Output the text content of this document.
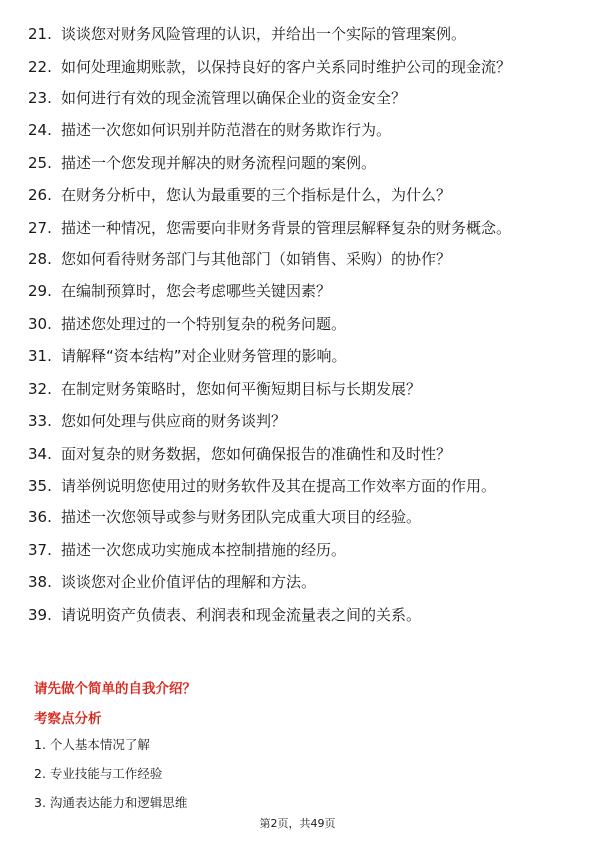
21. 谈谈您对财务风险管理的认识，并给出一个实际的管理案例。
22. 如何处理逾期账款，以保持良好的客户关系同时维护公司的现金流？
23. 如何进行有效的现金流管理以确保企业的资金安全？
24. 描述一次您如何识别并防范潜在的财务欺诈行为。
25. 描述一个您发现并解决的财务流程问题的案例。
26. 在财务分析中，您认为最重要的三个指标是什么，为什么？
27. 描述一种情况，您需要向非财务背景的管理层解释复杂的财务概念。
28. 您如何看待财务部门与其他部门（如销售、采购）的协作？
29. 在编制预算时，您会考虑哪些关键因素？
30. 描述您处理过的一个特别复杂的税务问题。
31. 请解释“资本结构”对企业财务管理的影响。
32. 在制定财务策略时，您如何平衡短期目标与长期发展？
33. 您如何处理与供应商的财务谈判？
34. 面对复杂的财务数据，您如何确保报告的准确性和及时性？
35. 请举例说明您使用过的财务软件及其在提高工作效率方面的作用。
36. 描述一次您领导或参与财务团队完成重大项目的经验。
37. 描述一次您成功实施成本控制措施的经历。
38. 谈谈您对企业价值评估的理解和方法。
39. 请说明资产负债表、利润表和现金流量表之间的关系。
请先做个简单的自我介绍？
考察点分析
1. 个人基本情况了解
2. 专业技能与工作经验
3. 沟通表达能力和逻辑思维
第2页，共49页
